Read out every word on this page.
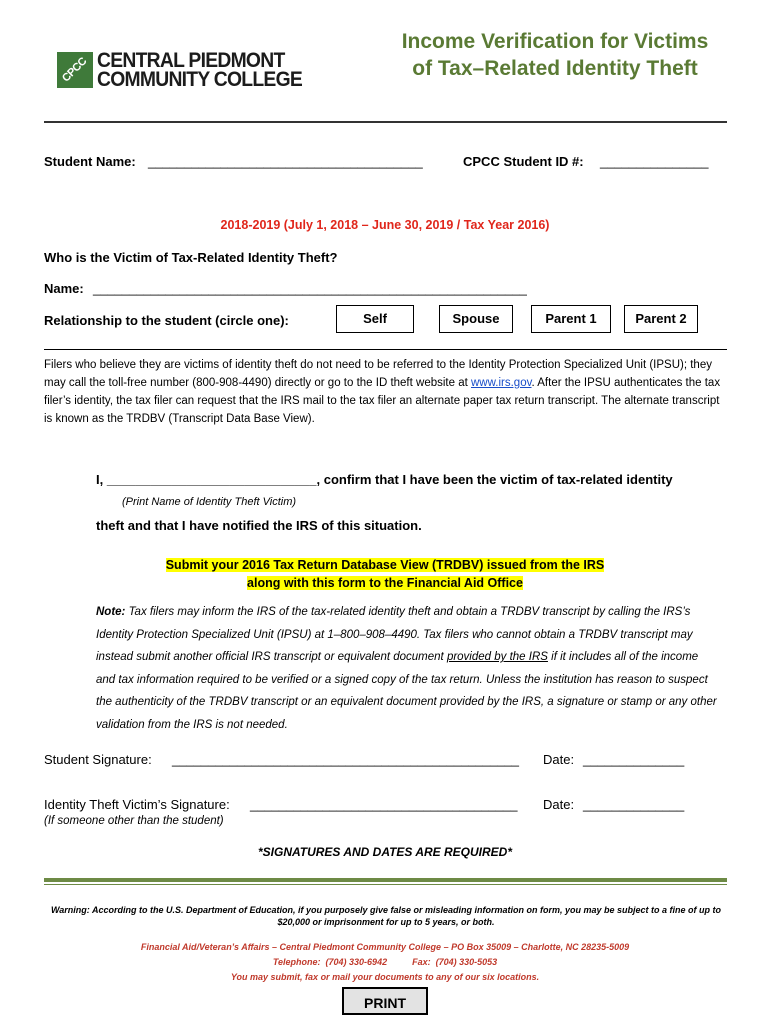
CPCC CENTRAL PIEDMONT
COMMUNITY COLLEGE
Income Verification for Victims
of Tax–Related Identity Theft
Student Name: ______________________________________	CPCC Student ID #: _______________
2018-2019 (July 1, 2018 – June 30, 2019 / Tax Year 2016)
Who is the Victim of Tax-Related Identity Theft?
Name: ____________________________________________________________
Relationship to the student (circle one):	Self	Spouse	Parent 1	Parent 2
Filers who believe they are victims of identity theft do not need to be referred to the Identity Protection Specialized Unit (IPSU); they may call the toll-free number (800-908-4490) directly or go to the ID theft website at www.irs.gov. After the IPSU authenticates the tax filer’s identity, the tax filer can request that the IRS mail to the tax filer an alternate paper tax return transcript. The alternate transcript is known as the TRDBV (Transcript Data Base View).
I, _____________________________, confirm that I have been the victim of tax-related identity
(Print Name of Identity Theft Victim)
theft and that I have notified the IRS of this situation.
Submit your 2016 Tax Return Database View (TRDBV) issued from the IRS
along with this form to the Financial Aid Office
Note: Tax filers may inform the IRS of the tax-related identity theft and obtain a TRDBV transcript by calling the IRS’s Identity Protection Specialized Unit (IPSU) at 1–800–908–4490. Tax filers who cannot obtain a TRDBV transcript may instead submit another official IRS transcript or equivalent document provided by the IRS if it includes all of the income and tax information required to be verified or a signed copy of the tax return. Unless the institution has reason to suspect the authenticity of the TRDBV transcript or an equivalent document provided by the IRS, a signature or stamp or any other validation from the IRS is not needed.
Student Signature: ________________________________________________ Date: ______________
Identity Theft Victim’s Signature: _____________________________________ Date: ______________
(If someone other than the student)
*SIGNATURES AND DATES ARE REQUIRED*
Warning: According to the U.S. Department of Education, if you purposely give false or misleading information on form, you may be subject to a fine of up to $20,000 or imprisonment for up to 5 years, or both.
Financial Aid/Veteran’s Affairs – Central Piedmont Community College – PO Box 35009 – Charlotte, NC 28235-5009
Telephone:  (704) 330-6942          Fax:  (704) 330-5053
You may submit, fax or mail your documents to any of our six locations.
PRINT
